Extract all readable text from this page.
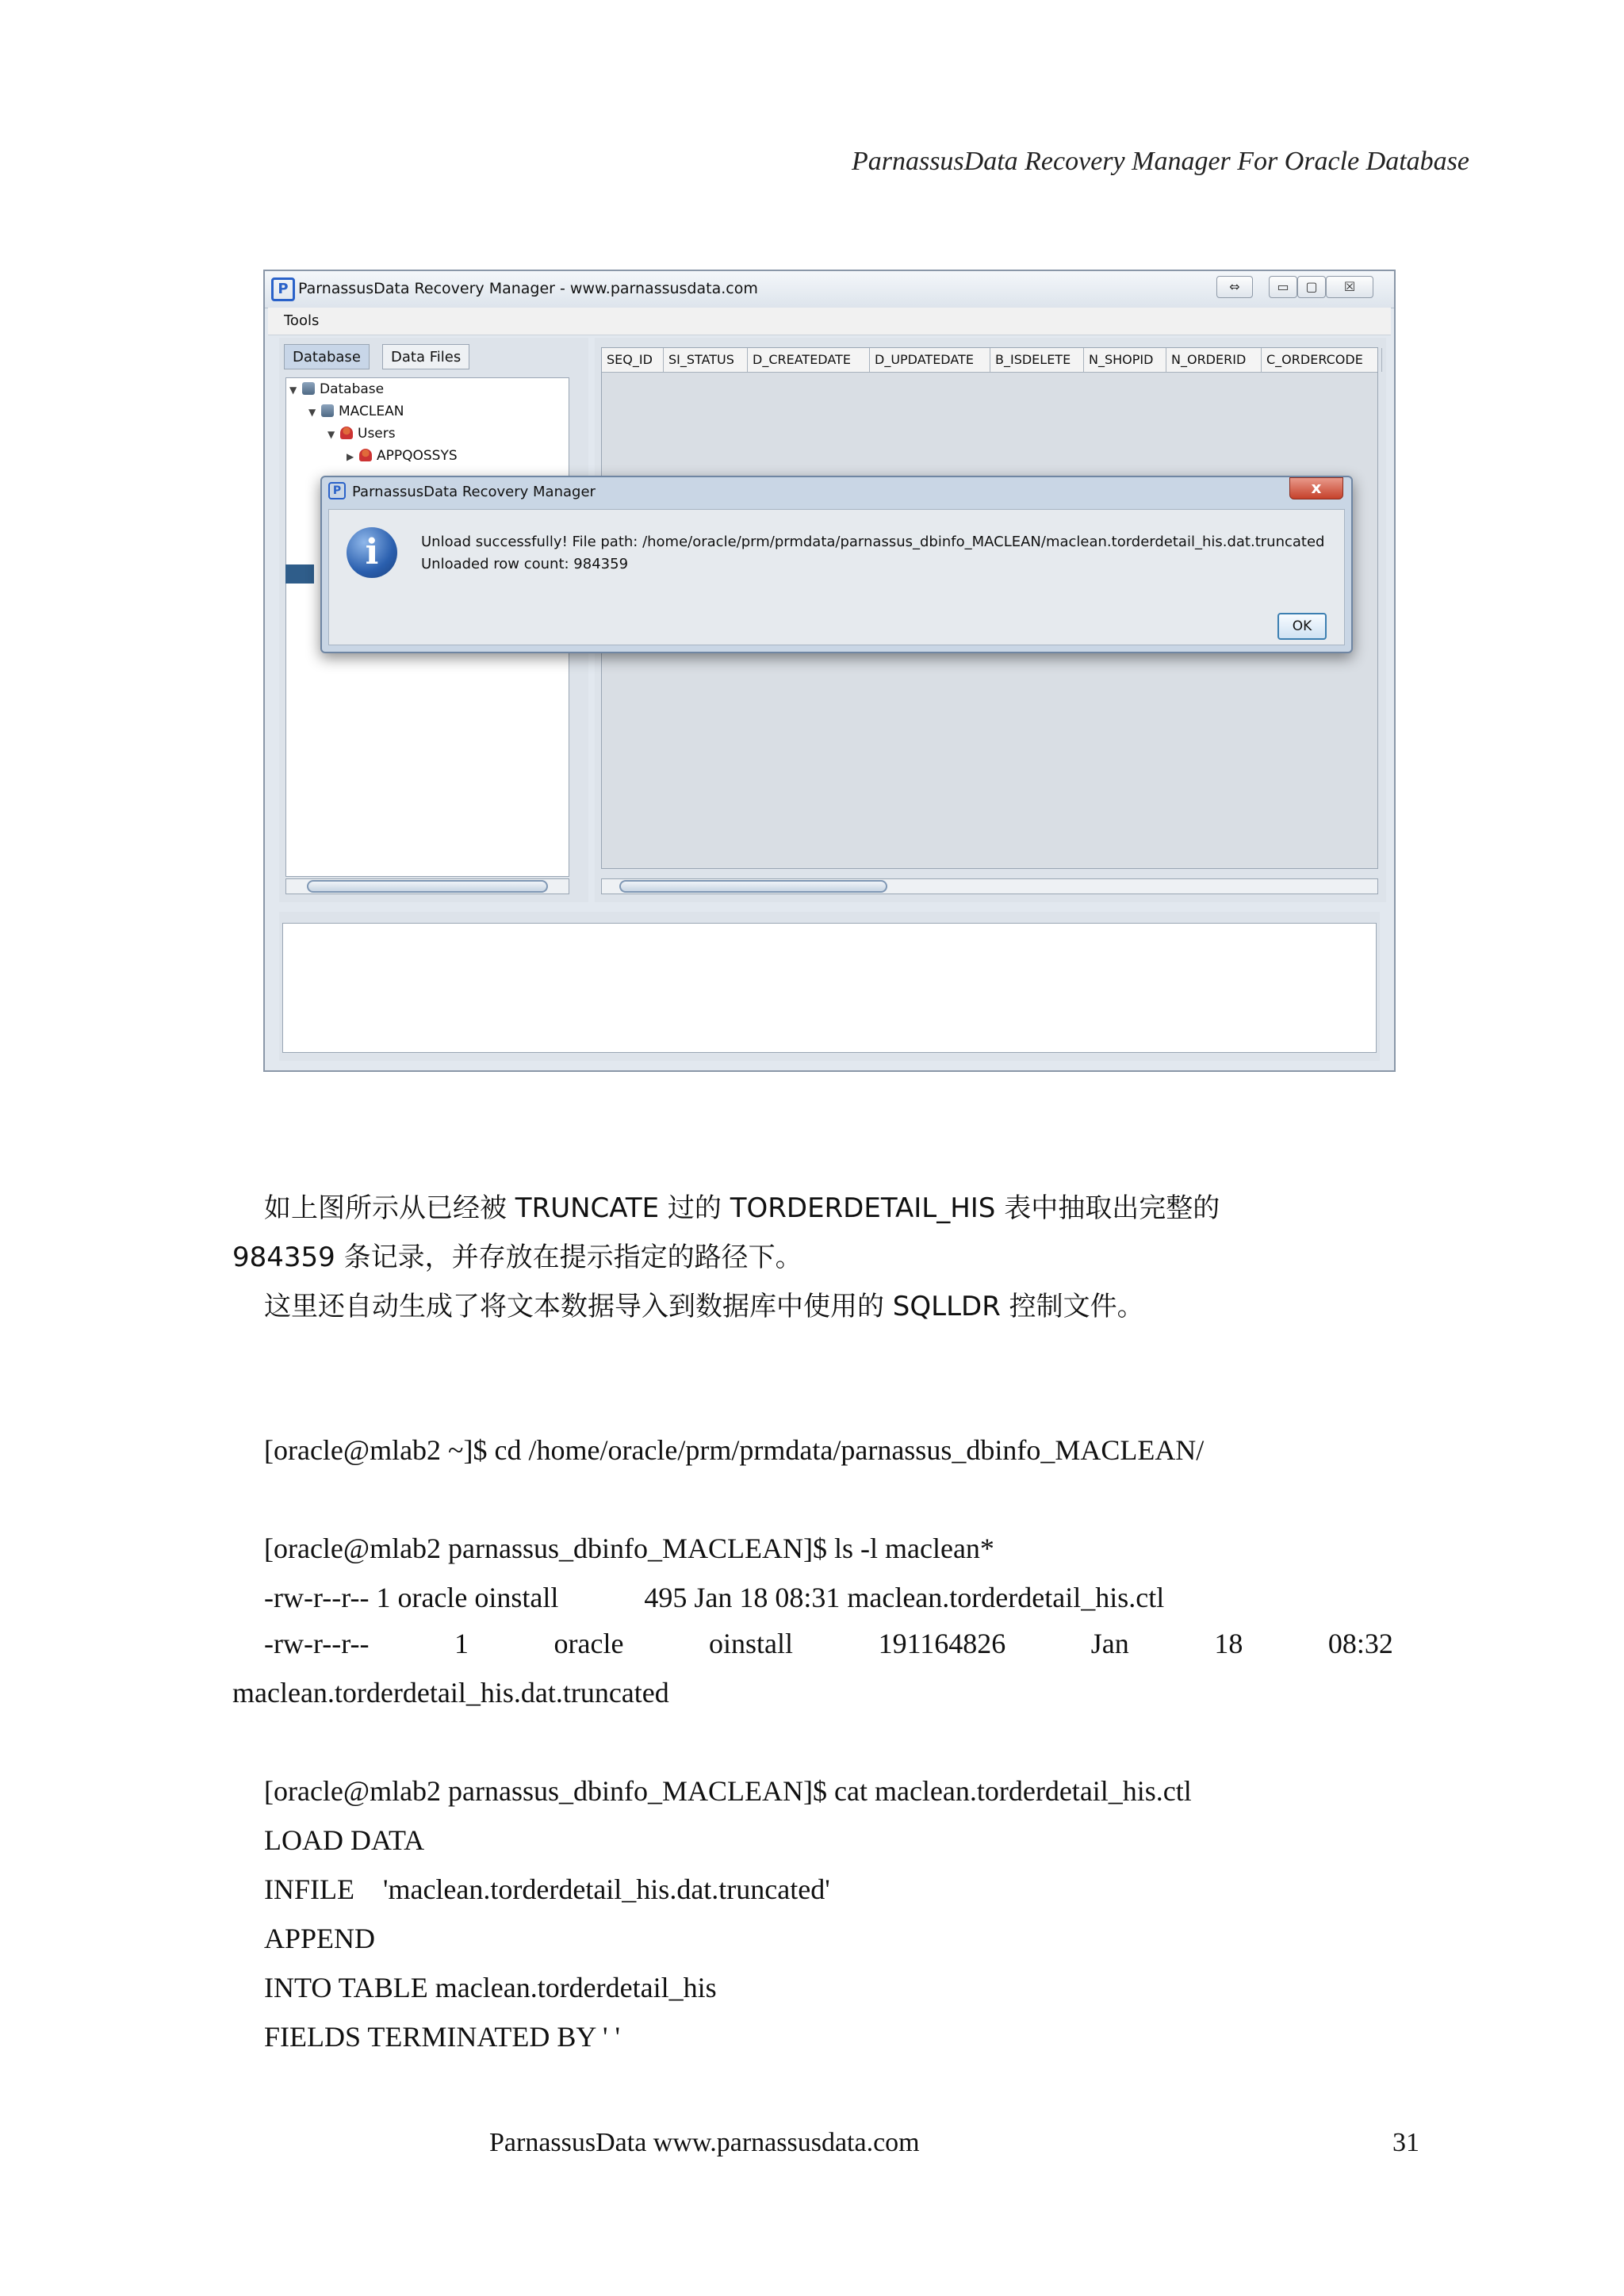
ParnassusData Recovery Manager For Oracle Database
P ParnassusData Recovery Manager - www.parnassusdata.com	⇔	▭	▢	☒
Tools
Database	Data Files
▼ Database
▼ MACLEAN
▼ Users
▶ APPQOSSYS
SEQ_ID	SI_STATUS	D_CREATEDATE	D_UPDATEDATE	B_ISDELETE	N_SHOPID	N_ORDERID	C_ORDERCODE
P ParnassusData Recovery Manager	x
i	Unload successfully! File path: /home/oracle/prm/prmdata/parnassus_dbinfo_MACLEAN/maclean.torderdetail_his.dat.truncated
Unloaded row count: 984359
OK
如上图所示从已经被 TRUNCATE 过的 TORDERDETAIL_HIS 表中抽取出完整的
984359 条记录，并存放在提示指定的路径下。
这里还自动生成了将文本数据导入到数据库中使用的 SQLLDR 控制文件。
[oracle@mlab2 ~]$ cd /home/oracle/prm/prmdata/parnassus_dbinfo_MACLEAN/
[oracle@mlab2 parnassus_dbinfo_MACLEAN]$ ls -l maclean*
-rw-r--r-- 1 oracle oinstall            495 Jan 18 08:31 maclean.torderdetail_his.ctl
-rw-r--r--	1	oracle	oinstall	191164826	Jan	18	08:32
maclean.torderdetail_his.dat.truncated
[oracle@mlab2 parnassus_dbinfo_MACLEAN]$ cat maclean.torderdetail_his.ctl
LOAD DATA
INFILE    'maclean.torderdetail_his.dat.truncated'
APPEND
INTO TABLE maclean.torderdetail_his
FIELDS TERMINATED BY ' '
ParnassusData www.parnassusdata.com	31
